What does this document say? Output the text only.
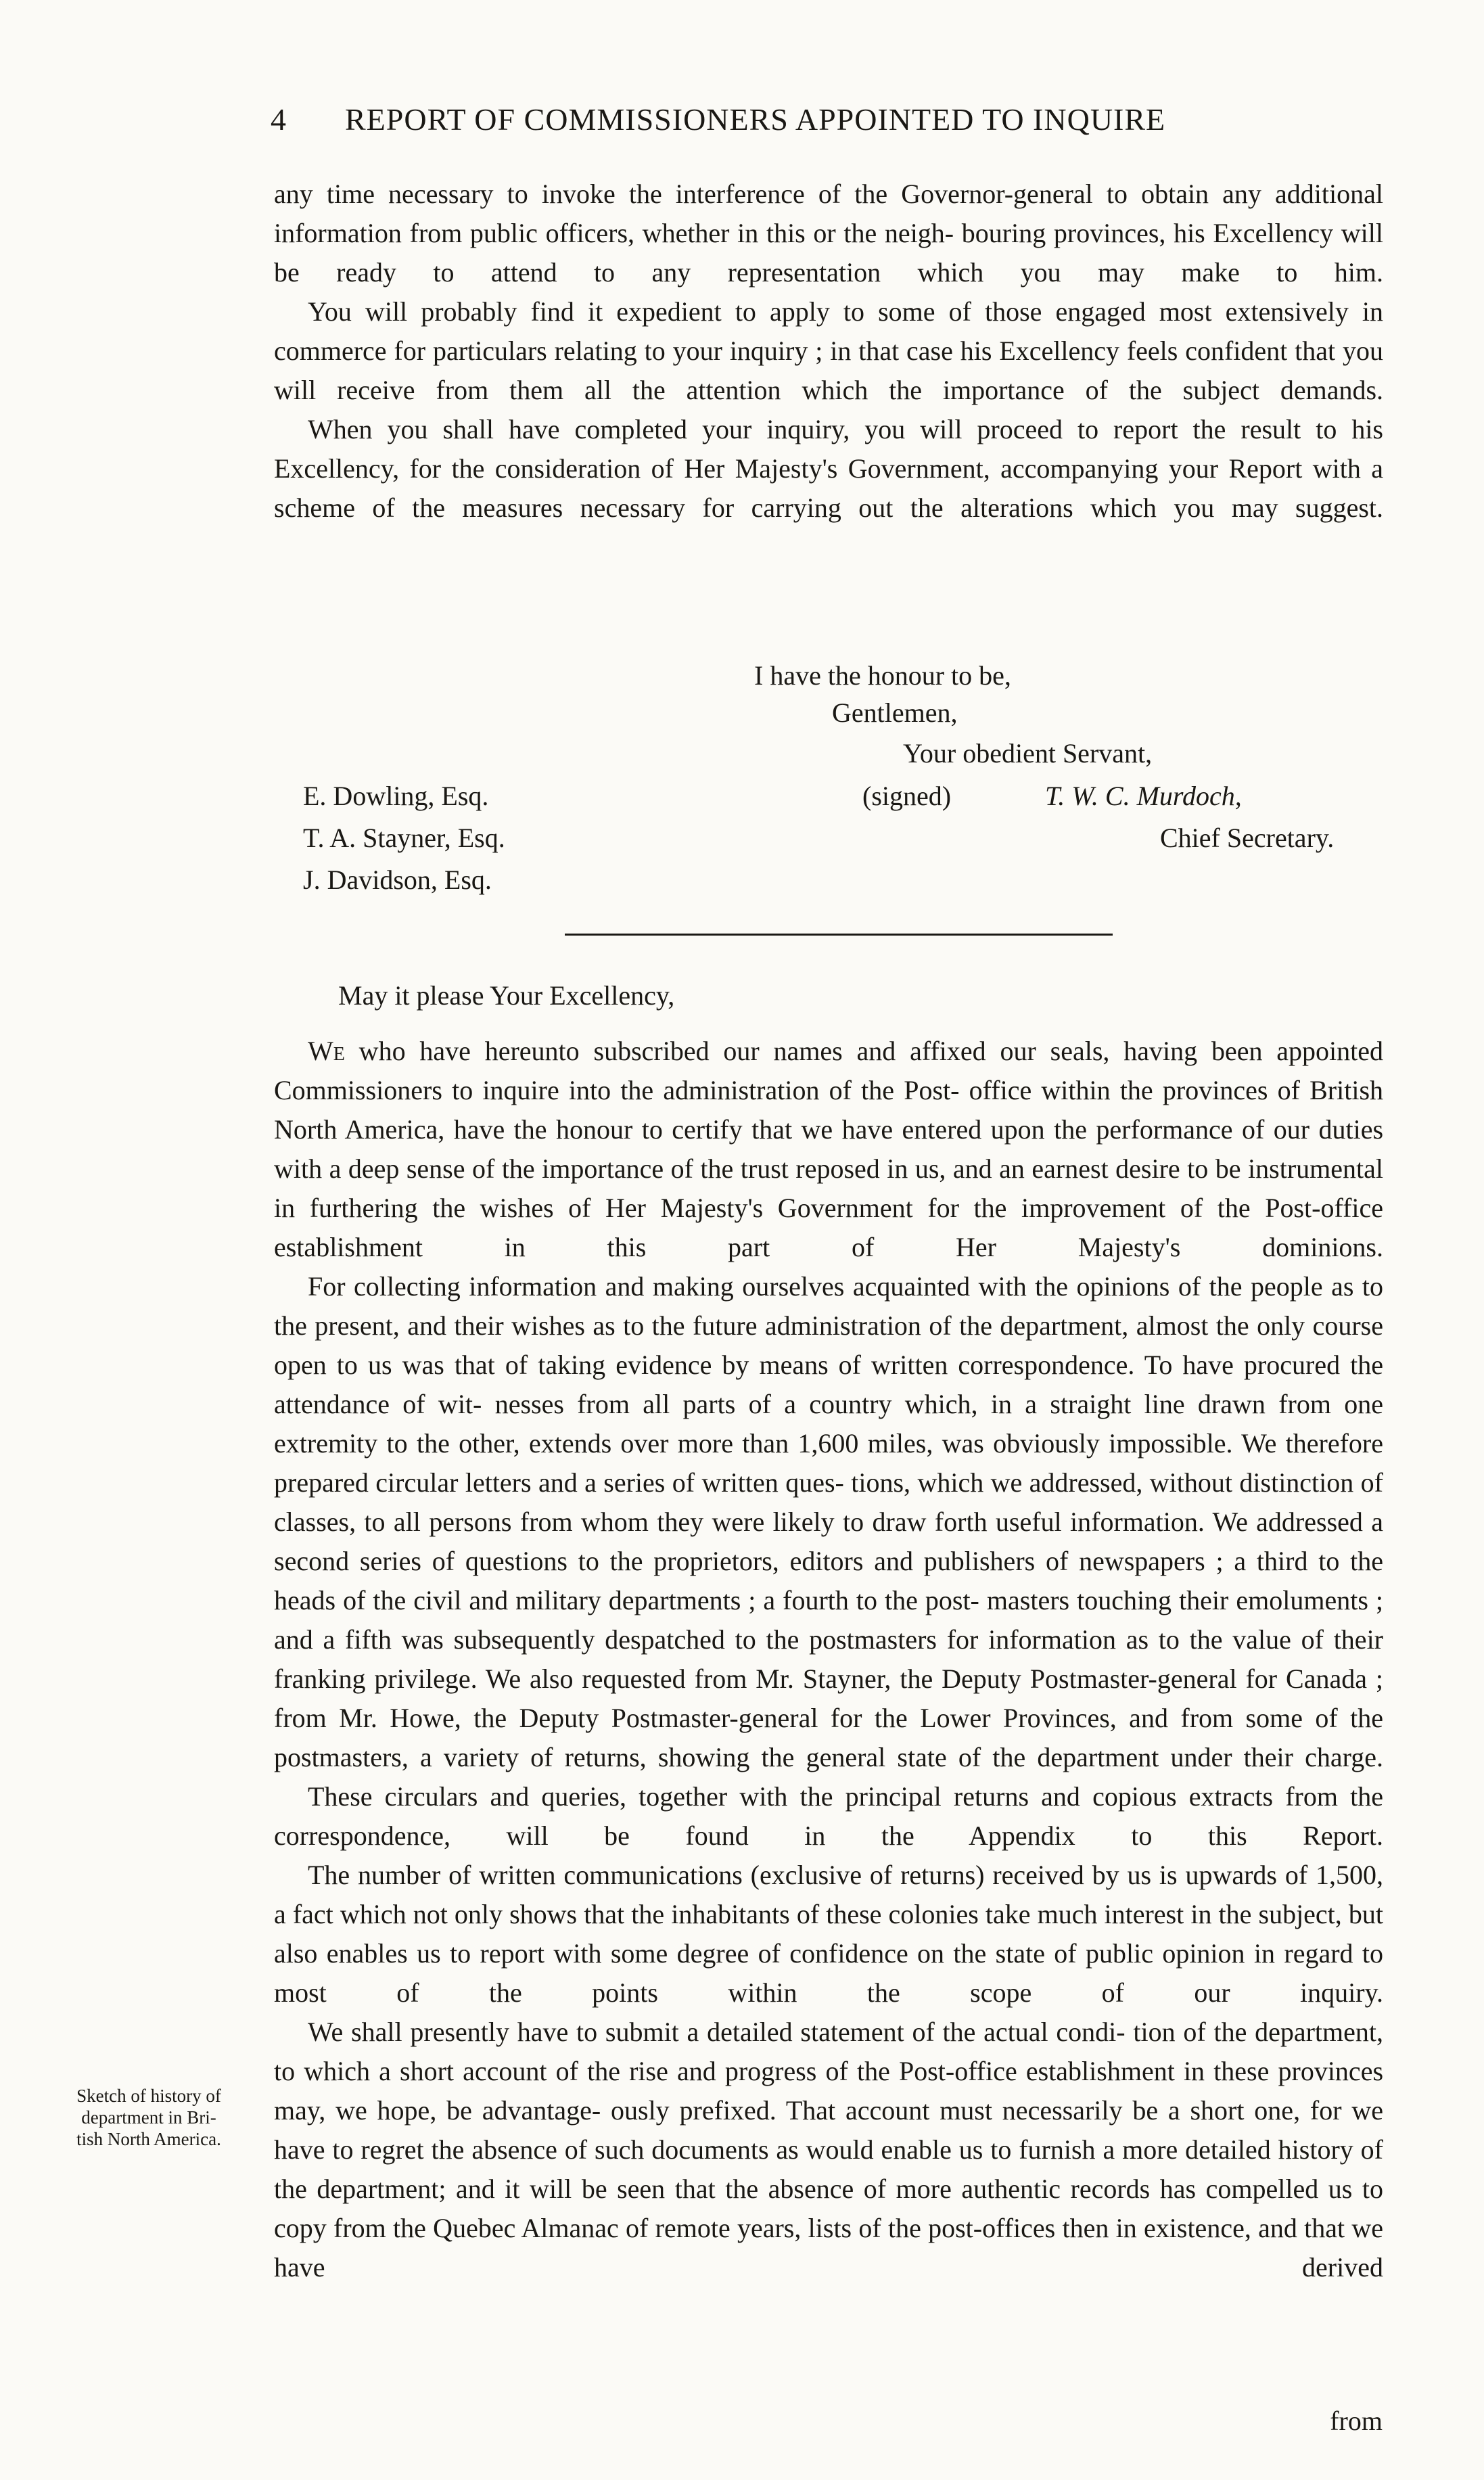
4 REPORT OF COMMISSIONERS APPOINTED TO INQUIRE

any time necessary to invoke the interference of the Governor-general to obtain any additional information from public officers, whether in this or the neigh- bouring provinces, his Excellency will be ready to attend to any representation which you may make to him.

You will probably find it expedient to apply to some of those engaged most extensively in commerce for particulars relating to your inquiry ; in that case his Excellency feels confident that you will receive from them all the attention which the importance of the subject demands.

When you shall have completed your inquiry, you will proceed to report the result to his Excellency, for the consideration of Her Majesty's Government, accompanying your Report with a scheme of the measures necessary for carrying out the alterations which you may suggest.

I have the honour to be,
Gentlemen,
Your obedient Servant,
(signed)	T. W. C. Murdoch,
Chief Secretary.
E. Dowling, Esq.
T. A. Stayner, Esq.
J. Davidson, Esq.
May it please Your Excellency,

We who have hereunto subscribed our names and affixed our seals, having been appointed Commissioners to inquire into the administration of the Post- office within the provinces of British North America, have the honour to certify that we have entered upon the performance of our duties with a deep sense of the importance of the trust reposed in us, and an earnest desire to be instrumental in furthering the wishes of Her Majesty's Government for the improvement of the Post-office establishment in this part of Her Majesty's dominions.

For collecting information and making ourselves acquainted with the opinions of the people as to the present, and their wishes as to the future administration of the department, almost the only course open to us was that of taking evidence by means of written correspondence. To have procured the attendance of wit- nesses from all parts of a country which, in a straight line drawn from one extremity to the other, extends over more than 1,600 miles, was obviously impossible. We therefore prepared circular letters and a series of written ques- tions, which we addressed, without distinction of classes, to all persons from whom they were likely to draw forth useful information. We addressed a second series of questions to the proprietors, editors and publishers of newspapers ; a third to the heads of the civil and military departments ; a fourth to the post- masters touching their emoluments ; and a fifth was subsequently despatched to the postmasters for information as to the value of their franking privilege. We also requested from Mr. Stayner, the Deputy Postmaster-general for Canada ; from Mr. Howe, the Deputy Postmaster-general for the Lower Provinces, and from some of the postmasters, a variety of returns, showing the general state of the department under their charge.

These circulars and queries, together with the principal returns and copious extracts from the correspondence, will be found in the Appendix to this Report.

The number of written communications (exclusive of returns) received by us is upwards of 1,500, a fact which not only shows that the inhabitants of these colonies take much interest in the subject, but also enables us to report with some degree of confidence on the state of public opinion in regard to most	of the points within the scope of our inquiry.

We shall presently have to submit a detailed statement of the actual condi- tion of the department, to which a short account of the rise and progress of the Post-office establishment in these provinces may, we hope, be advantage- ously prefixed. That account must necessarily be a short one, for we have to regret the absence of such documents as would enable us to furnish a more detailed history of the department; and it will be seen that the absence of more authentic records has compelled us to copy from the Quebec Almanac of remote years, lists of the post-offices then in existence, and that we have derived

Sketch of history of
department in Bri-
tish North America.
from
